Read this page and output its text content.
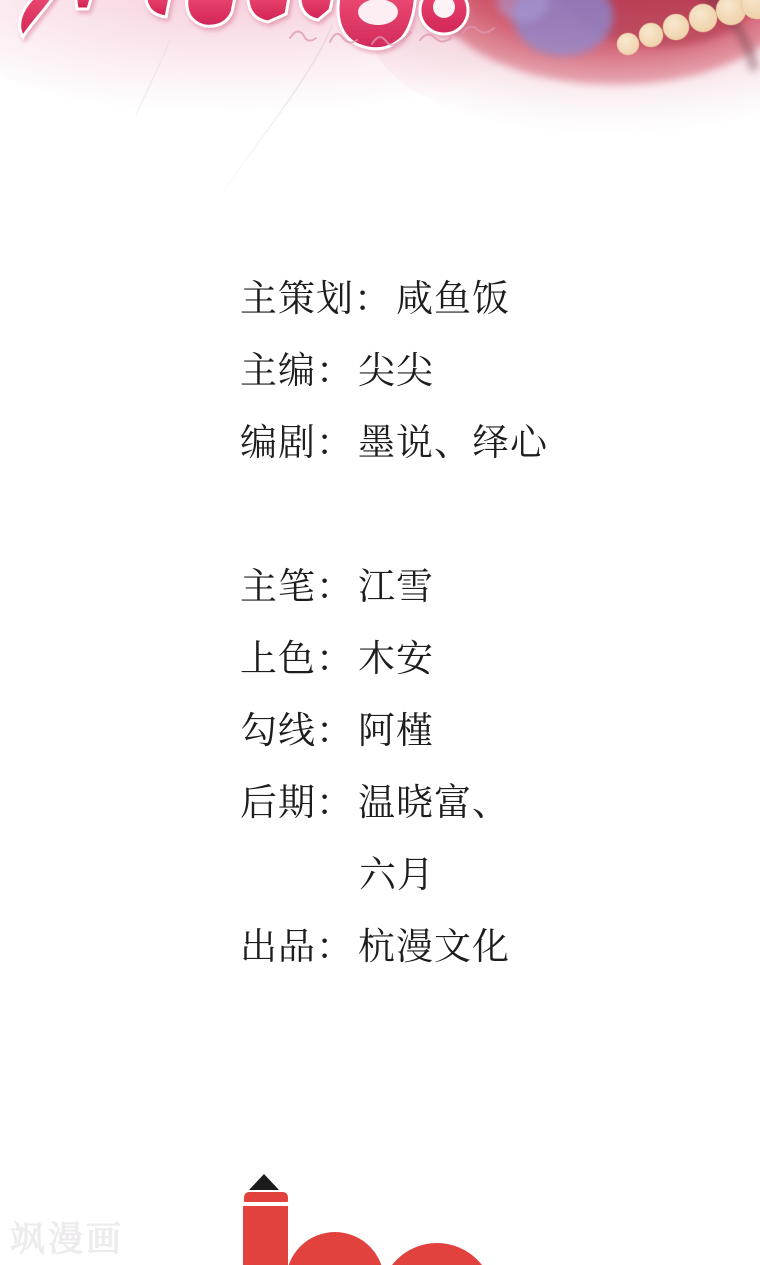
主策划： 咸鱼饭
主编： 尖尖
编剧： 墨说、绎心
主笔： 江雪
上色： 木安
勾线： 阿槿
后期： 温晓富、
六月
出品： 杭漫文化
飒漫画
